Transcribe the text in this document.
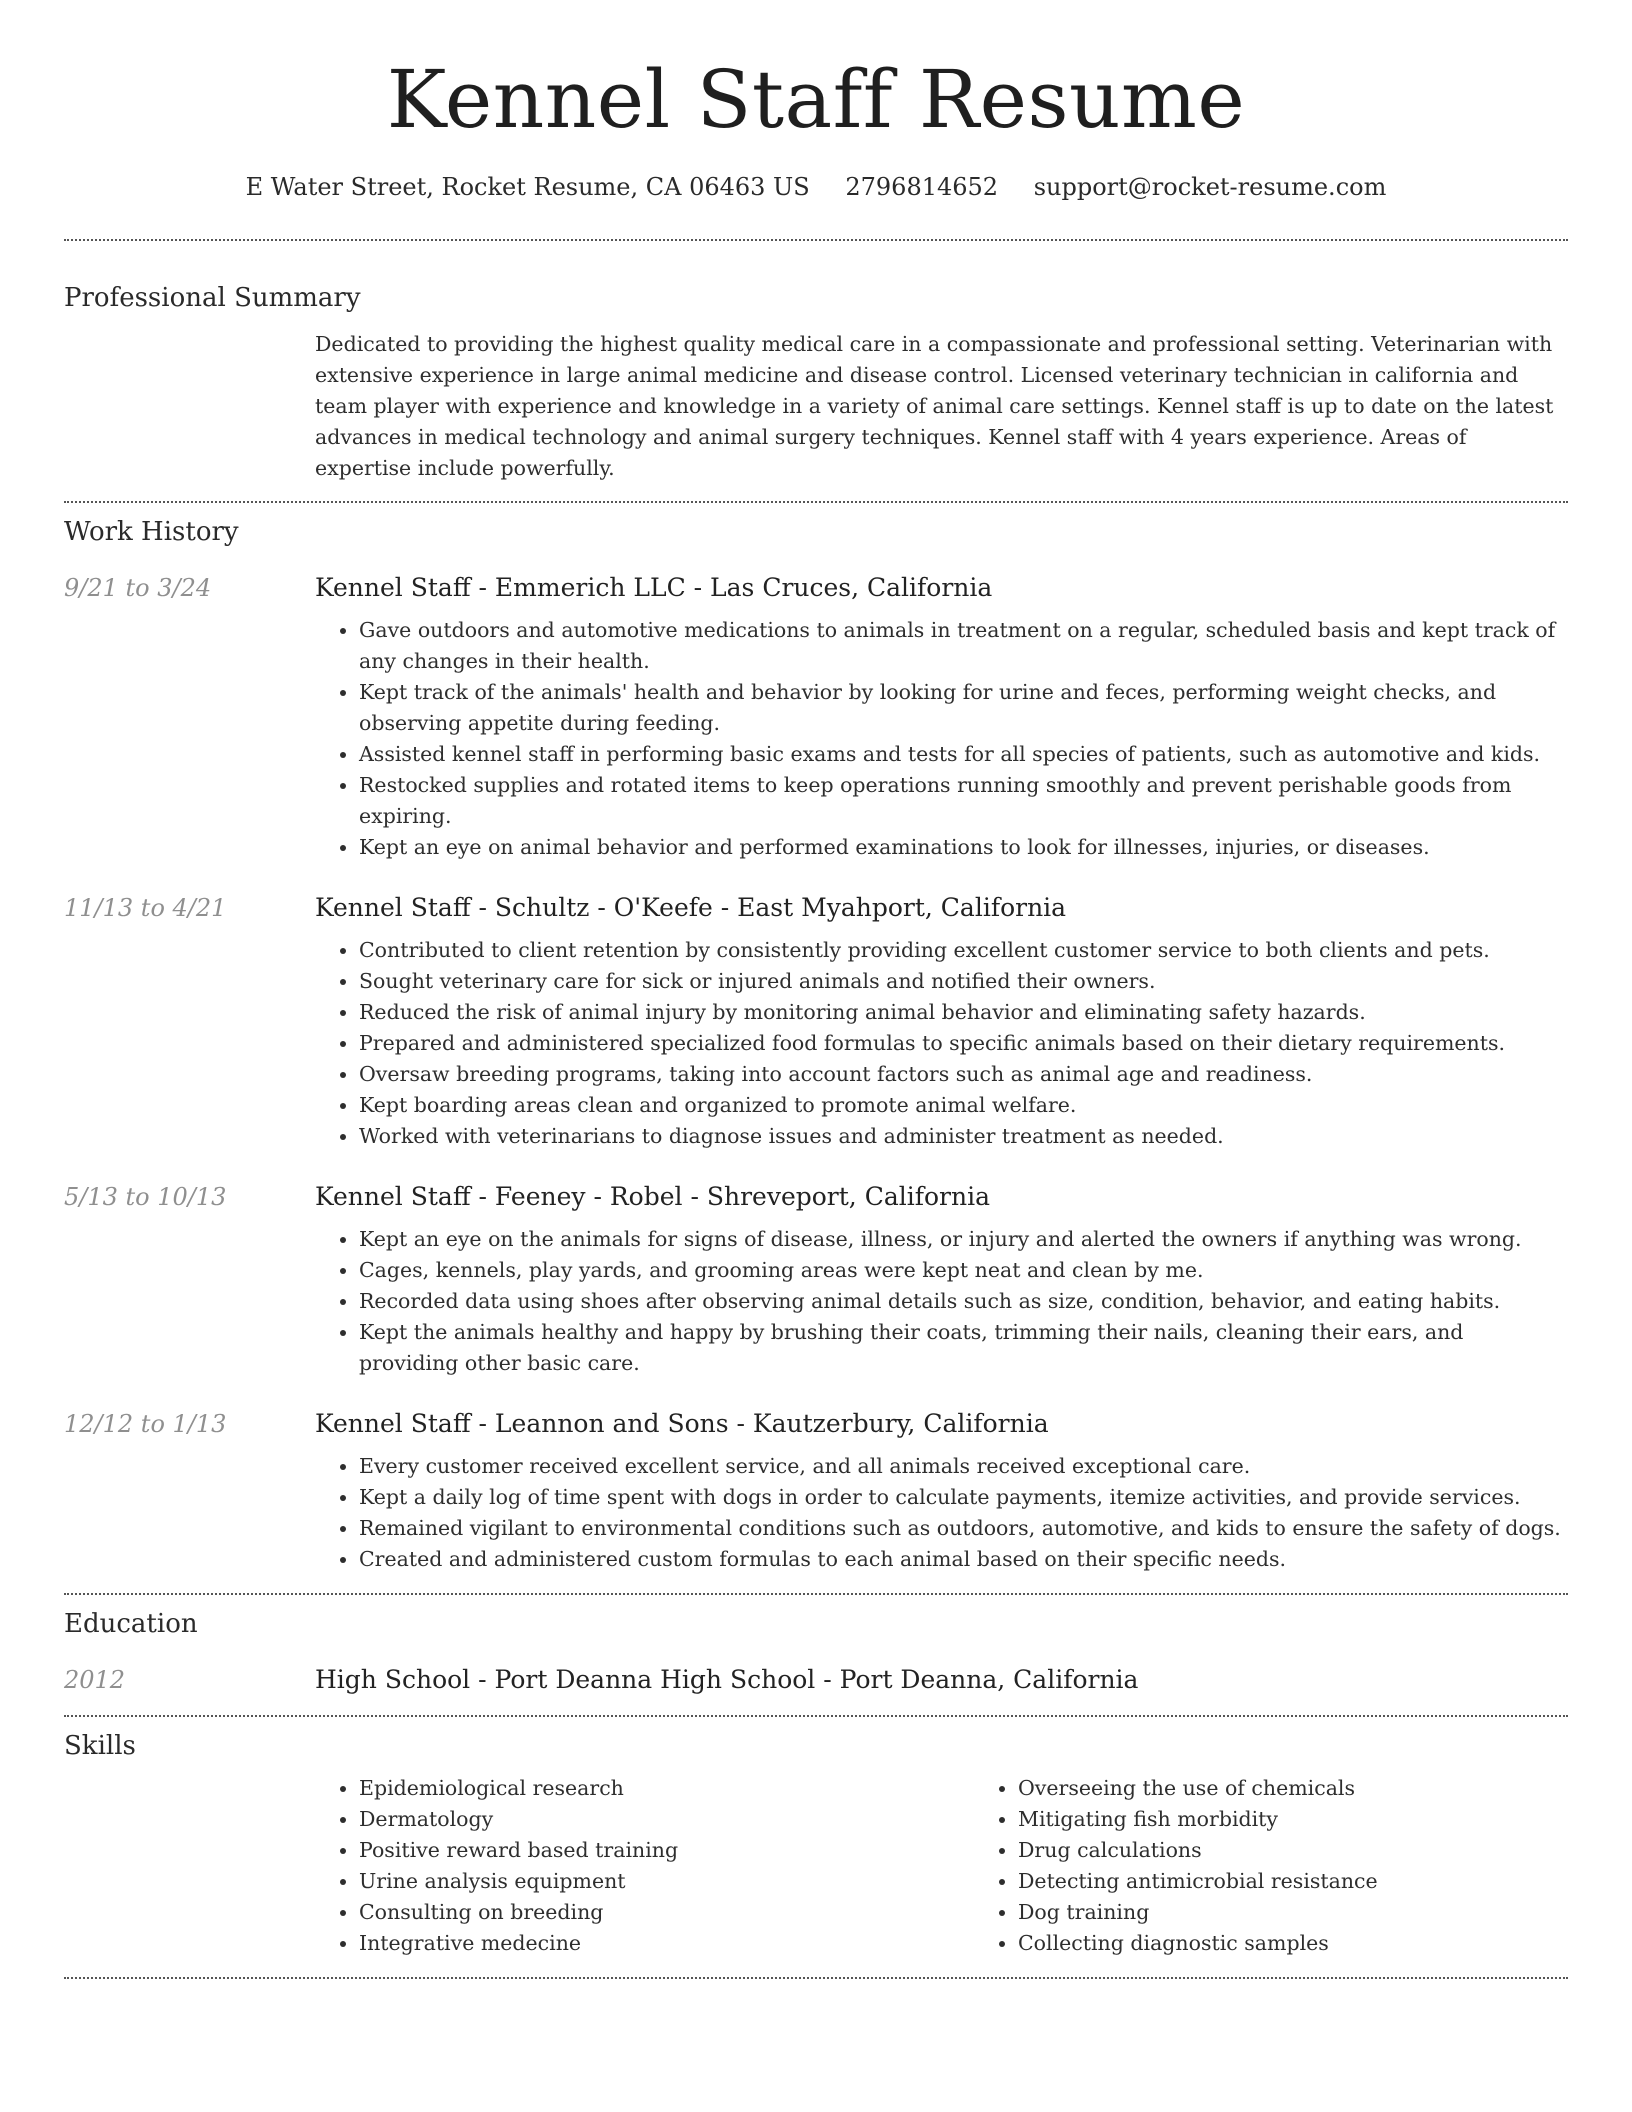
Kennel Staff Resume
E Water Street, Rocket Resume, CA 06463 US 2796814652 support@rocket-resume.com
Professional Summary

Dedicated to providing the highest quality medical care in a compassionate and professional setting. Veterinarian with extensive experience in large animal medicine and disease control. Licensed veterinary technician in california and team player with experience and knowledge in a variety of animal care settings. Kennel staff is up to date on the latest advances in medical technology and animal surgery techniques. Kennel staff with 4 years experience. Areas of expertise include powerfully.

Work History
9/21 to 3/24	Kennel Staff - Emmerich LLC - Las Cruces, California
• Gave outdoors and automotive medications to animals in treatment on a regular, scheduled basis and kept track of any changes in their health.
• Kept track of the animals' health and behavior by looking for urine and feces, performing weight checks, and observing appetite during feeding.
• Assisted kennel staff in performing basic exams and tests for all species of patients, such as automotive and kids.
• Restocked supplies and rotated items to keep operations running smoothly and prevent perishable goods from expiring.
• Kept an eye on animal behavior and performed examinations to look for illnesses, injuries, or diseases.
11/13 to 4/21	Kennel Staff - Schultz - O'Keefe - East Myahport, California
• Contributed to client retention by consistently providing excellent customer service to both clients and pets.
• Sought veterinary care for sick or injured animals and notified their owners.
• Reduced the risk of animal injury by monitoring animal behavior and eliminating safety hazards.
• Prepared and administered specialized food formulas to specific animals based on their dietary requirements.
• Oversaw breeding programs, taking into account factors such as animal age and readiness.
• Kept boarding areas clean and organized to promote animal welfare.
• Worked with veterinarians to diagnose issues and administer treatment as needed.
5/13 to 10/13	Kennel Staff - Feeney - Robel - Shreveport, California
• Kept an eye on the animals for signs of disease, illness, or injury and alerted the owners if anything was wrong.
• Cages, kennels, play yards, and grooming areas were kept neat and clean by me.
• Recorded data using shoes after observing animal details such as size, condition, behavior, and eating habits.
• Kept the animals healthy and happy by brushing their coats, trimming their nails, cleaning their ears, and providing other basic care.
12/12 to 1/13	Kennel Staff - Leannon and Sons - Kautzerbury, California
• Every customer received excellent service, and all animals received exceptional care.
• Kept a daily log of time spent with dogs in order to calculate payments, itemize activities, and provide services.
• Remained vigilant to environmental conditions such as outdoors, automotive, and kids to ensure the safety of dogs.
• Created and administered custom formulas to each animal based on their specific needs.
Education
2012	High School - Port Deanna High School - Port Deanna, California
Skills
• Epidemiological research
• Dermatology
• Positive reward based training
• Urine analysis equipment
• Consulting on breeding
• Integrative medecine
• Overseeing the use of chemicals
• Mitigating fish morbidity
• Drug calculations
• Detecting antimicrobial resistance
• Dog training
• Collecting diagnostic samples
